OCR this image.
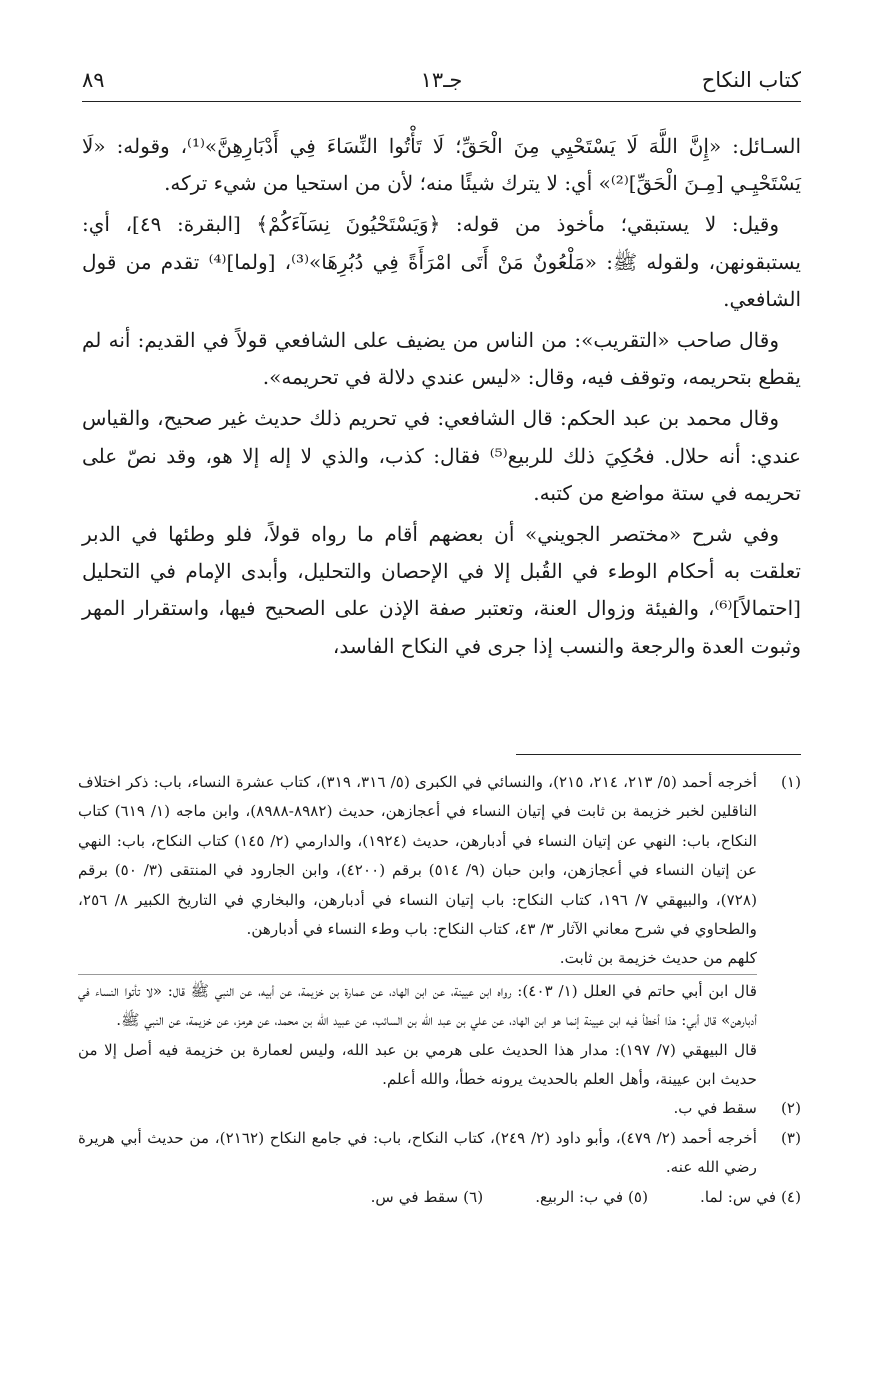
كتاب النكاح
جـ١٣
٨٩

السـائل: «إِنَّ اللَّهَ لَا يَسْتَحْيِي مِنَ الْحَقِّ؛ لَا تَأْتُوا النِّسَاءَ فِي أَدْبَارِهِنَّ»⁽¹⁾، وقوله: «لَا يَسْتَحْيِـي [مِـنَ الْحَقِّ]⁽²⁾» أي: لا يترك شيئًا منه؛ لأن من استحيا من شيء تركه.

وقيل: لا يستبقي؛ مأخوذ من قوله: ﴿وَيَسْتَحْيُونَ نِسَآءَكُمْ﴾ [البقرة: ٤٩]، أي: يستبقونهن، ولقوله ﷺ: «مَلْعُونٌ مَنْ أَتَى امْرَأَةً فِي دُبُرِهَا»⁽³⁾، [ولما]⁽⁴⁾ تقدم من قول الشافعي.

وقال صاحب «التقريب»: من الناس من يضيف على الشافعي قولاً في القديم: أنه لم يقطع بتحريمه، وتوقف فيه، وقال: «ليس عندي دلالة في تحريمه».

وقال محمد بن عبد الحكم: قال الشافعي: في تحريم ذلك حديث غير صحيح، والقياس عندي: أنه حلال. فحُكِيَ ذلك للربيع⁽⁵⁾ فقال: كذب، والذي لا إله إلا هو، وقد نصّ على تحريمه في ستة مواضع من كتبه.

وفي شرح «مختصر الجويني» أن بعضهم أقام ما رواه قولاً، فلو وطئها في الدبر تعلقت به أحكام الوطء في القُبل إلا في الإحصان والتحليل، وأبدى الإمام في التحليل [احتمالاً]⁽⁶⁾، والفيئة وزوال العنة، وتعتبر صفة الإذن على الصحيح فيها، واستقرار المهر وثبوت العدة والرجعة والنسب إذا جرى في النكاح الفاسد،

(١)

أخرجه أحمد (٥/ ٢١٣، ٢١٤، ٢١٥)، والنسائي في الكبرى (٥/ ٣١٦، ٣١٩)، كتاب عشرة النساء، باب: ذكر اختلاف الناقلين لخبر خزيمة بن ثابت في إتيان النساء في أعجازهن، حديث (٨٩٨٢-٨٩٨٨)، وابن ماجه (١/ ٦١٩) كتاب النكاح، باب: النهي عن إتيان النساء في أدبارهن، حديث (١٩٢٤)، والدارمي (٢/ ١٤٥) كتاب النكاح، باب: النهي عن إتيان النساء في أعجازهن، وابن حبان (٩/ ٥١٤) برقم (٤٢٠٠)، وابن الجارود في المنتقى (٣/ ٥٠) برقم (٧٢٨)، والبيهقي ٧/ ١٩٦، كتاب النكاح: باب إتيان النساء في أدبارهن، والبخاري في التاريخ الكبير ٨/ ٢٥٦، والطحاوي في شرح معاني الآثار ٣/ ٤٣، كتاب النكاح: باب وطء النساء في أدبارهن.

كلهم من حديث خزيمة بن ثابت.

قال ابن أبي حاتم في العلل (١/ ٤٠٣): رواه ابن عيينة، عن ابن الهاد، عن عمارة بن خزيمة، عن أبيه، عن النبي ﷺ قال: «لا تأتوا النساء في أدبارهن» قال أبي: هذا أخطأ فيه ابن عيينة إنما هو ابن الهاد، عن علي بن عبد الله بن السائب، عن عبيد الله بن محمد، عن هرمز، عن خزيمة، عن النبي ﷺ.

قال البيهقي (٧/ ١٩٧): مدار هذا الحديث على هرمي بن عبد الله، وليس لعمارة بن خزيمة فيه أصل إلا من حديث ابن عيينة، وأهل العلم بالحديث يرونه خطأ، والله أعلم.

(٢)

سقط في ب.

(٣)

أخرجه أحمد (٢/ ٤٧٩)، وأبو داود (٢/ ٢٤٩)، كتاب النكاح، باب: في جامع النكاح (٢١٦٢)، من حديث أبي هريرة رضي الله عنه.

(٤) في س: لما.
(٥) في ب: الربيع.
(٦) سقط في س.
